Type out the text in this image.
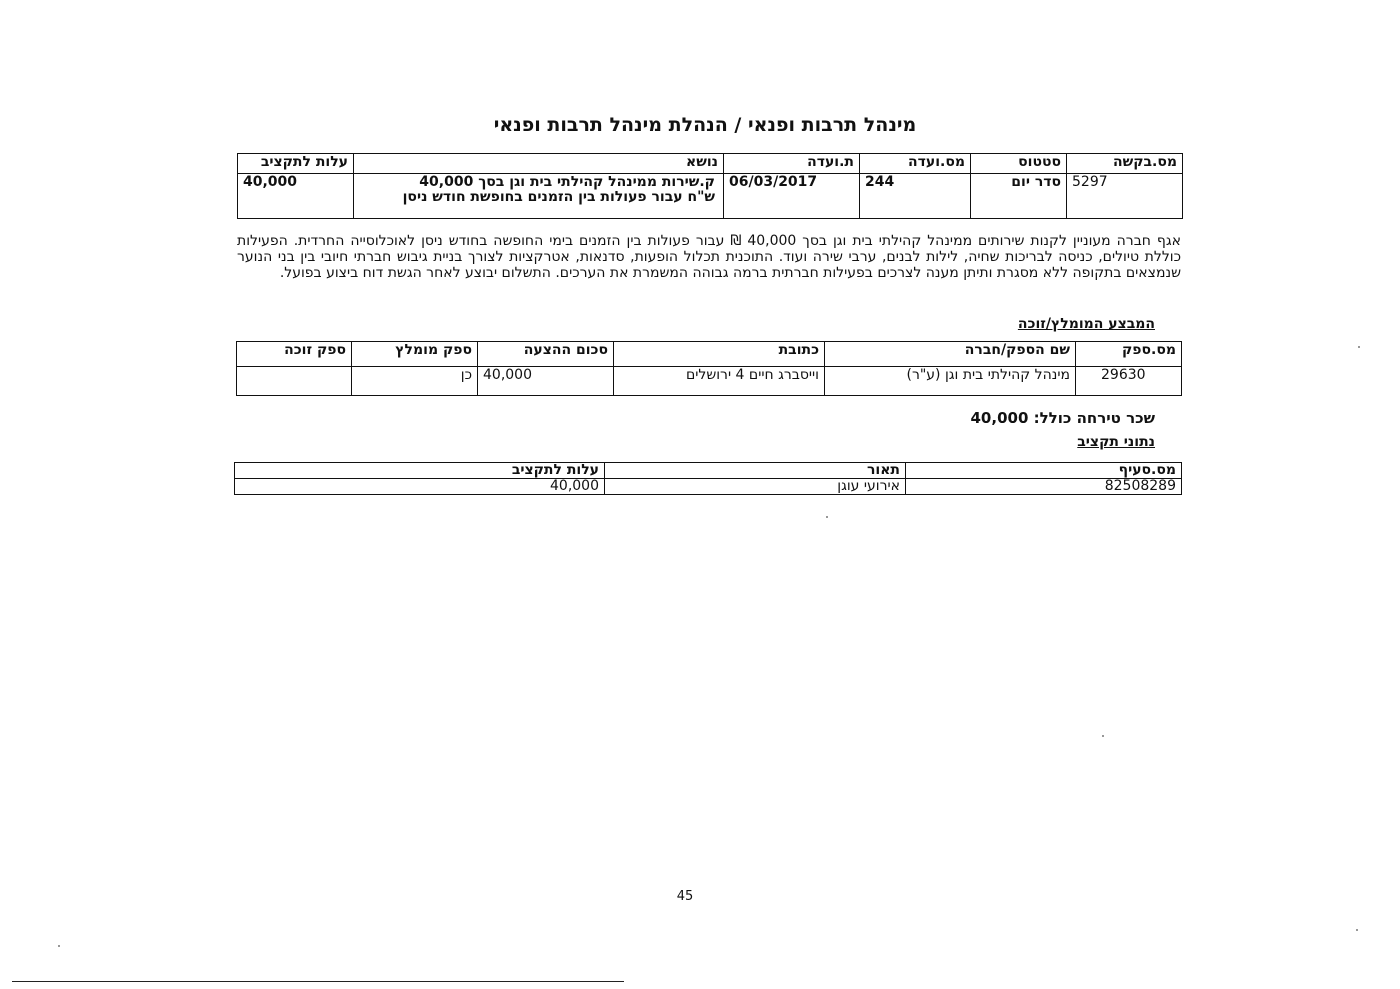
מינהל תרבות ופנאי / הנהלת מינהל תרבות ופנאי
מס.בקשה	סטטוס	מס.ועדה	ת.ועדה	נושא	עלות לתקציב
5297	סדר יום	244	06/03/2017	ק.שירות ממינהל קהילתי בית וגן בסך 40,000 ש"ח עבור פעולות בין הזמנים בחופשת חודש ניסן	40,000
אגף חברה מעוניין לקנות שירותים ממינהל קהילתי בית וגן בסך 40,000 ₪ עבור פעולות בין הזמנים בימי החופשה בחודש ניסן לאוכלוסייה החרדית. הפעילות כוללת טיולים, כניסה לבריכות שחיה, לילות לבנים, ערבי שירה ועוד. התוכנית תכלול הופעות, סדנאות, אטרקציות לצורך בניית גיבוש חברתי חיובי בין בני הנוער שנמצאים בתקופה ללא מסגרת ותיתן מענה לצרכים בפעילות חברתית ברמה גבוהה המשמרת את הערכים. התשלום יבוצע לאחר הגשת דוח ביצוע בפועל.
המבצע המומלץ/זוכה
מס.ספק	שם הספק/חברה	כתובת	סכום ההצעה	ספק מומלץ	ספק זוכה
29630	מינהל קהילתי בית וגן (ע"ר)	וייסברג חיים 4 ירושלים	40,000	כן	
שכר טירחה כולל: 40,000
נתוני תקציב
מס.סעיף	תאור	עלות לתקציב
82508289	אירועי עוגן	40,000
45
